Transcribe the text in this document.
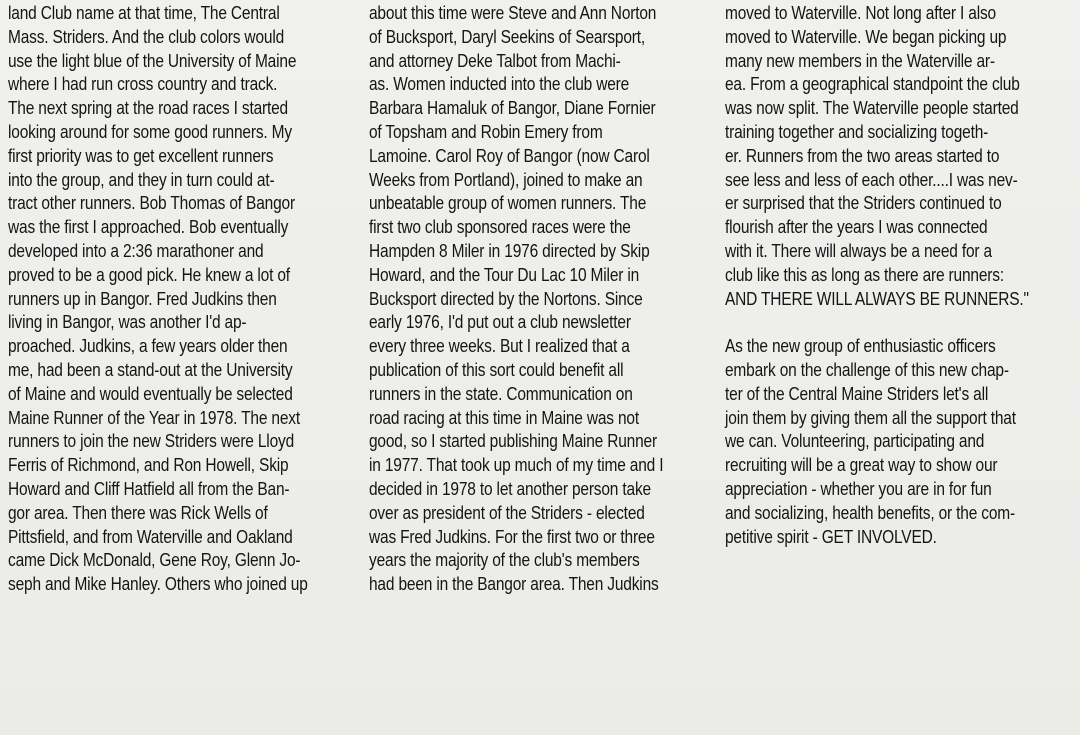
land Club name at that time, The Central
Mass. Striders. And the club colors would
use the light blue of the University of Maine
where I had run cross country and track.
The next spring at the road races I started
looking around for some good runners. My
first priority was to get excellent runners
into the group, and they in turn could at-
tract other runners. Bob Thomas of Bangor
was the first I approached. Bob eventually
developed into a 2:36 marathoner and
proved to be a good pick. He knew a lot of
runners up in Bangor. Fred Judkins then
living in Bangor, was another I'd ap-
proached. Judkins, a few years older then
me, had been a stand-out at the University
of Maine and would eventually be selected
Maine Runner of the Year in 1978. The next
runners to join the new Striders were Lloyd
Ferris of Richmond, and Ron Howell, Skip
Howard and Cliff Hatfield all from the Ban-
gor area. Then there was Rick Wells of
Pittsfield, and from Waterville and Oakland
came Dick McDonald, Gene Roy, Glenn Jo-
seph and Mike Hanley. Others who joined up
about this time were Steve and Ann Norton
of Bucksport, Daryl Seekins of Searsport,
and attorney Deke Talbot from Machi-
as. Women inducted into the club were
Barbara Hamaluk of Bangor, Diane Fornier
of Topsham and Robin Emery from
Lamoine. Carol Roy of Bangor (now Carol
Weeks from Portland), joined to make an
unbeatable group of women runners. The
first two club sponsored races were the
Hampden 8 Miler in 1976 directed by Skip
Howard, and the Tour Du Lac 10 Miler in
Bucksport directed by the Nortons. Since
early 1976, I'd put out a club newsletter
every three weeks. But I realized that a
publication of this sort could benefit all
runners in the state. Communication on
road racing at this time in Maine was not
good, so I started publishing Maine Runner
in 1977. That took up much of my time and I
decided in 1978 to let another person take
over as president of the Striders - elected
was Fred Judkins. For the first two or three
years the majority of the club's members
had been in the Bangor area. Then Judkins
moved to Waterville. Not long after I also
moved to Waterville. We began picking up
many new members in the Waterville ar-
ea. From a geographical standpoint the club
was now split. The Waterville people started
training together and socializing togeth-
er. Runners from the two areas started to
see less and less of each other....I was nev-
er surprised that the Striders continued to
flourish after the years I was connected
with it. There will always be a need for a
club like this as long as there are runners:
AND THERE WILL ALWAYS BE RUNNERS."
As the new group of enthusiastic officers
embark on the challenge of this new chap-
ter of the Central Maine Striders let's all
join them by giving them all the support that
we can. Volunteering, participating and
recruiting will be a great way to show our
appreciation - whether you are in for fun
and socializing, health benefits, or the com-
petitive spirit - GET INVOLVED.
